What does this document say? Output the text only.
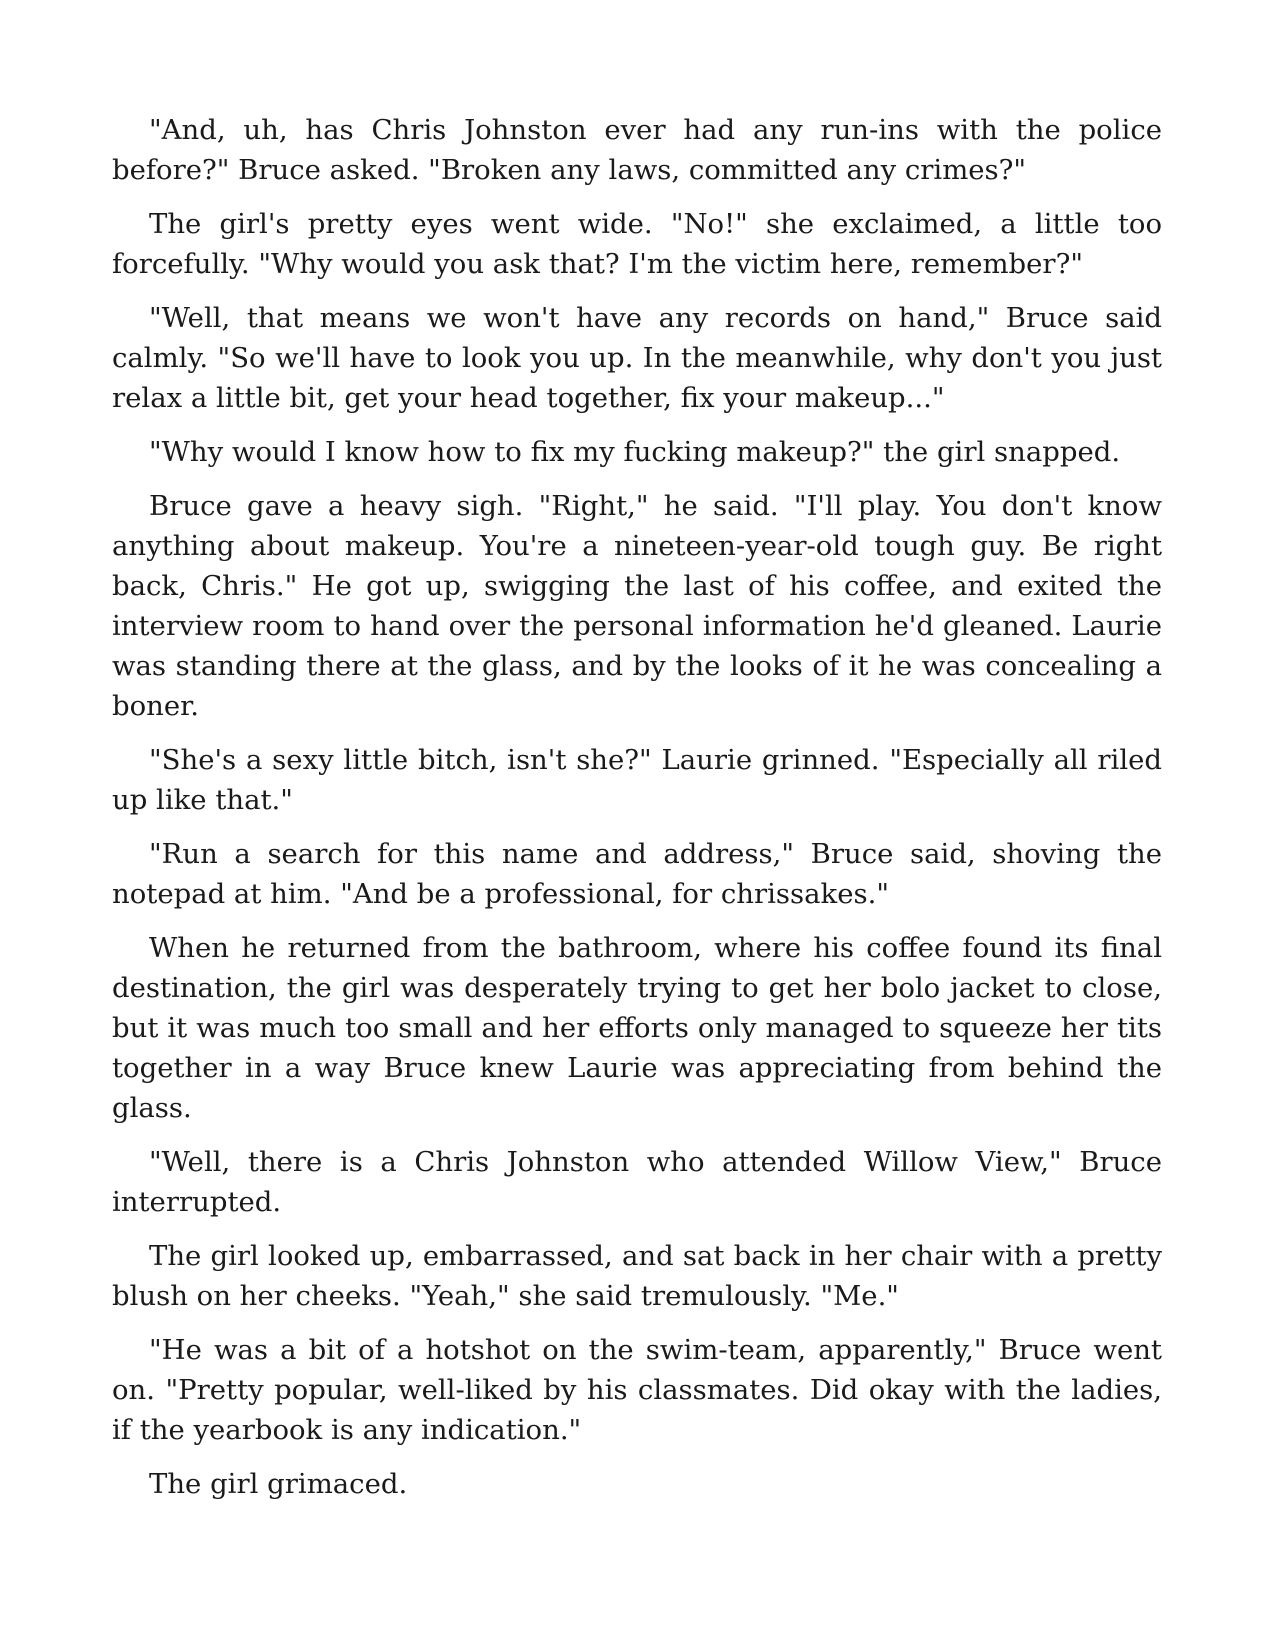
"And, uh, has Chris Johnston ever had any run-ins with the police before?" Bruce asked. "Broken any laws, committed any crimes?"

The girl's pretty eyes went wide. "No!" she exclaimed, a little too forcefully. "Why would you ask that? I'm the victim here, remember?"

"Well, that means we won't have any records on hand," Bruce said calmly. "So we'll have to look you up. In the meanwhile, why don't you just relax a little bit, get your head together, fix your makeup..."

"Why would I know how to fix my fucking makeup?" the girl snapped.

Bruce gave a heavy sigh. "Right," he said. "I'll play. You don't know anything about makeup. You're a nineteen-year-old tough guy. Be right back, Chris." He got up, swigging the last of his coffee, and exited the interview room to hand over the personal information he'd gleaned. Laurie was standing there at the glass, and by the looks of it he was concealing a boner.

"She's a sexy little bitch, isn't she?" Laurie grinned. "Especially all riled up like that."

"Run a search for this name and address," Bruce said, shoving the notepad at him. "And be a professional, for chrissakes."

When he returned from the bathroom, where his coffee found its final destination, the girl was desperately trying to get her bolo jacket to close, but it was much too small and her efforts only managed to squeeze her tits together in a way Bruce knew Laurie was appreciating from behind the glass.

"Well, there is a Chris Johnston who attended Willow View," Bruce interrupted.

The girl looked up, embarrassed, and sat back in her chair with a pretty blush on her cheeks. "Yeah," she said tremulously. "Me."

"He was a bit of a hotshot on the swim-team, apparently," Bruce went on. "Pretty popular, well-liked by his classmates. Did okay with the ladies, if the yearbook is any indication."

The girl grimaced.
